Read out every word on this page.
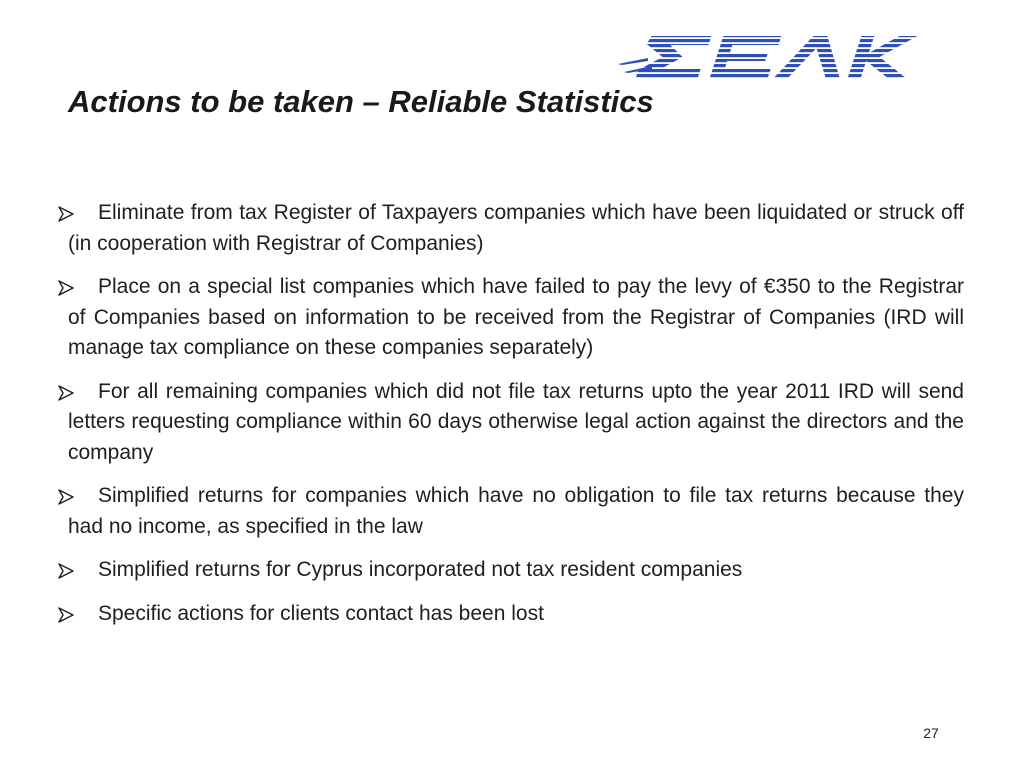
Actions to be taken – Reliable Statistics
Eliminate from tax Register of Taxpayers companies which have been liquidated or struck off (in cooperation with Registrar of Companies)
Place on a special list companies which have failed to pay the levy of €350 to the Registrar of Companies based on information to be received from the Registrar of Companies (IRD will manage tax compliance on these companies separately)
For all remaining companies which did not file tax returns upto the year 2011 IRD will send letters requesting compliance within 60 days otherwise legal action against the directors and the company
Simplified returns for companies which have no obligation to file tax returns because they had no income, as specified in the law
Simplified returns for Cyprus incorporated not tax resident companies
Specific actions for clients contact has been lost
27
